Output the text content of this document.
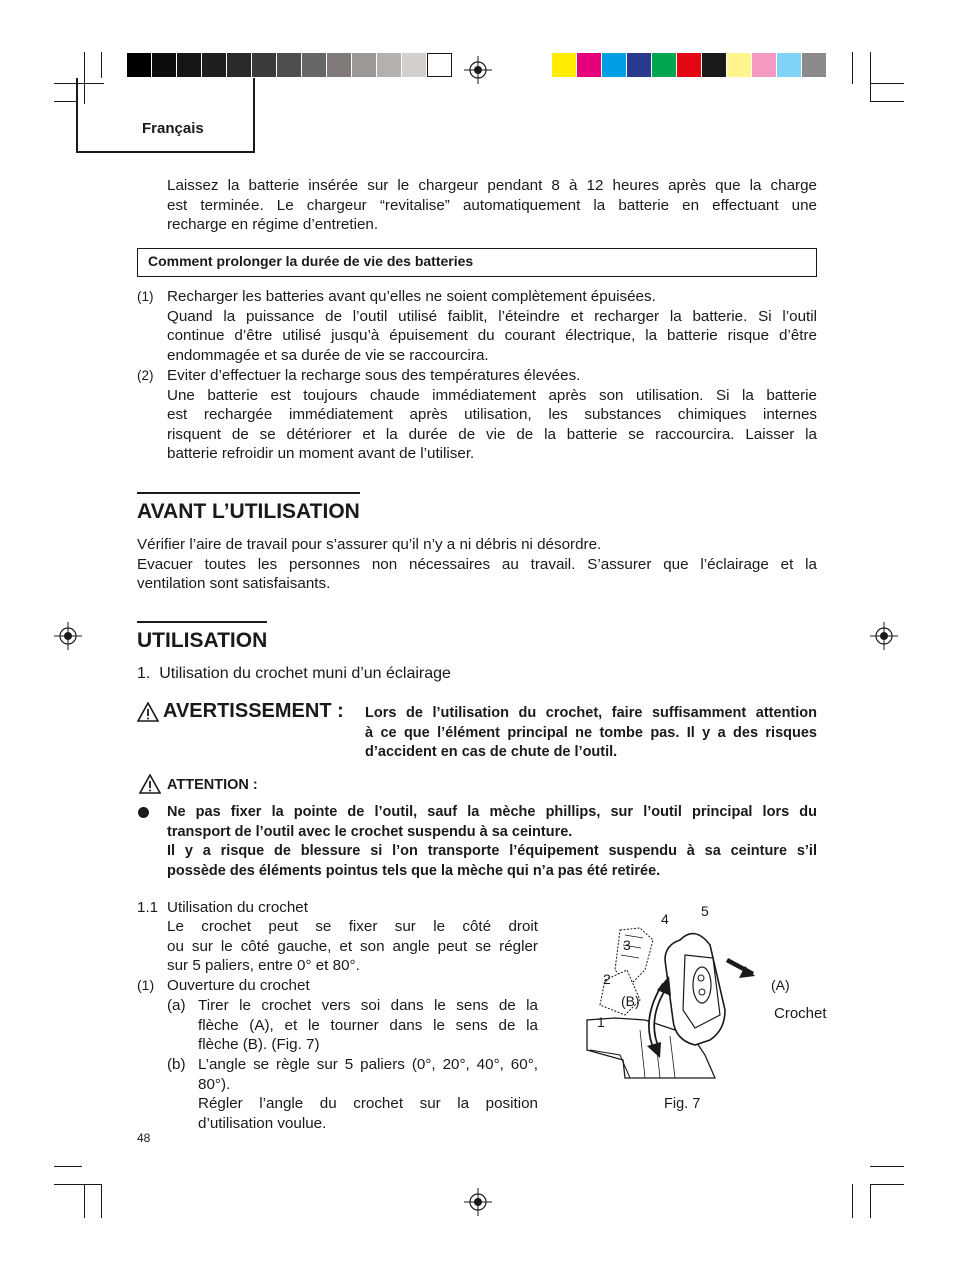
Français
Laissez la batterie insérée sur le chargeur pendant 8 à 12 heures après que la charge
est terminée. Le chargeur “revitalise” automatiquement la batterie en effectuant une
recharge en régime d’entretien.
Comment prolonger la durée de vie des batteries
(1) Recharger les batteries avant qu’elles ne soient complètement épuisées.
Quand la puissance de l’outil utilisé faiblit, l’éteindre et recharger la batterie. Si l’outil
continue d’être utilisé jusqu’à épuisement du courant électrique, la batterie risque d’être
endommagée et sa durée de vie se raccourcira.
(2) Eviter d’effectuer la recharge sous des températures élevées.
Une batterie est toujours chaude immédiatement après son utilisation. Si la batterie
est rechargée immédiatement après utilisation, les substances chimiques internes
risquent de se détériorer et la durée de vie de la batterie se raccourcira. Laisser la
batterie refroidir un moment avant de l’utiliser.
AVANT L’UTILISATION
Vérifier l’aire de travail pour s’assurer qu’il n’y a ni débris ni désordre.
Evacuer toutes les personnes non nécessaires au travail. S’assurer que l’éclairage et la
ventilation sont satisfaisants.
UTILISATION
1.  Utilisation du crochet muni d’un éclairage
AVERTISSEMENT : Lors de l’utilisation du crochet, faire suffisamment attention
à ce que l’élément principal ne tombe pas. Il y a des risques
d’accident en cas de chute de l’outil.
ATTENTION :
Ne pas fixer la pointe de l’outil, sauf la mèche phillips, sur l’outil principal lors du
transport de l’outil avec le crochet suspendu à sa ceinture.
Il y a risque de blessure si l’on transporte l’équipement suspendu à sa ceinture s’il
possède des éléments pointus tels que la mèche qui n’a pas été retirée.
1.1 Utilisation du crochet
Le crochet peut se fixer sur le côté droit
ou sur le côté gauche, et son angle peut se régler
sur 5 paliers, entre 0° et 80°.
(1) Ouverture du crochet
(a) Tirer le crochet vers soi dans le sens de la
flèche (A), et le tourner dans le sens de la
flèche (B). (Fig. 7)
(b) L’angle se règle sur 5 paliers (0°, 20°, 40°, 60°,
80°).
Régler l’angle du crochet sur la position
d’utilisation voulue.
1
2
3
4 5
(B)
(A)
Crochet
Fig. 7
48
